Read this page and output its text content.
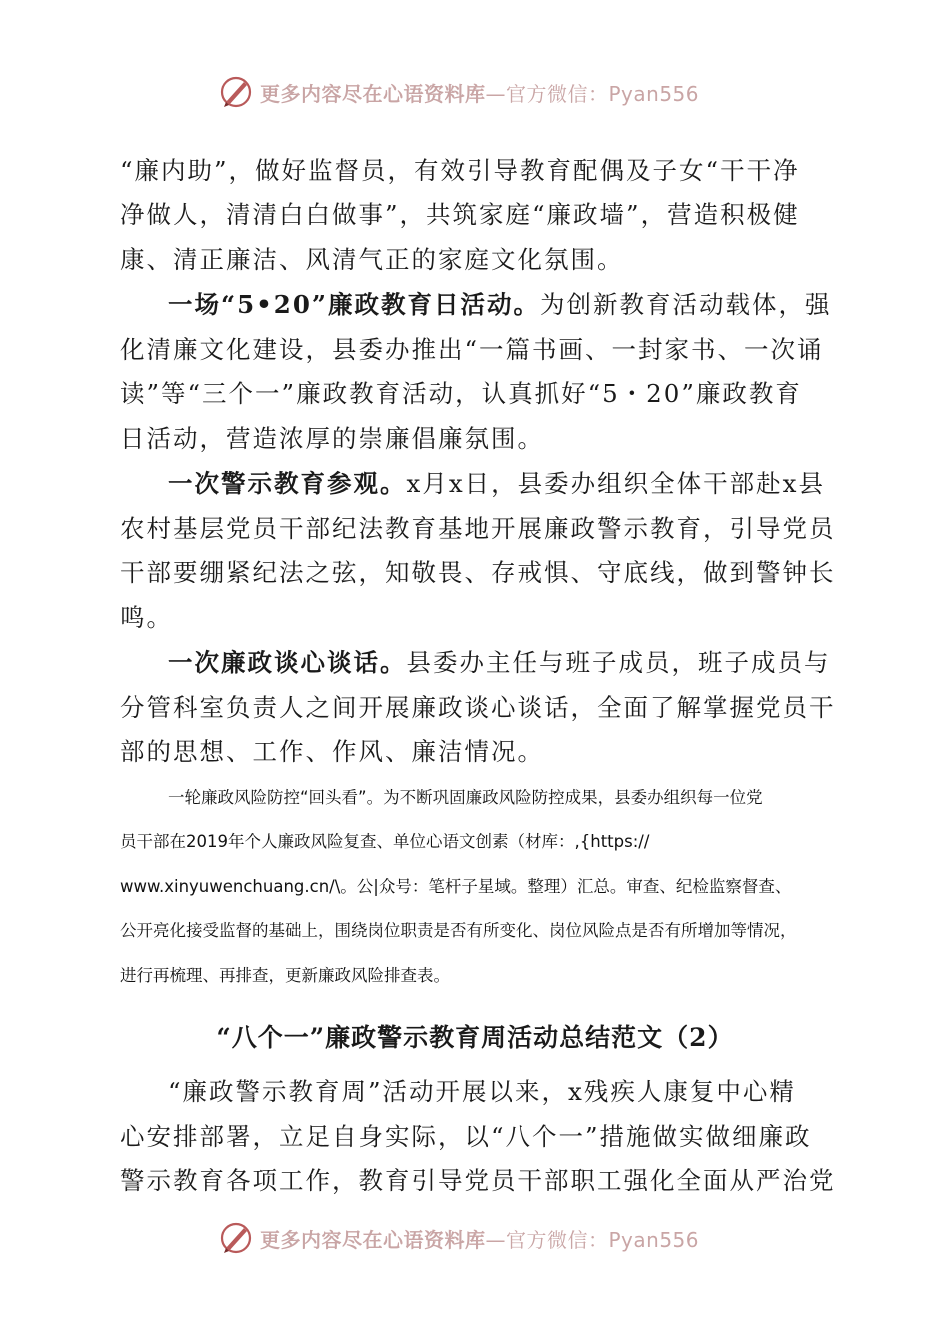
更多内容尽在心语资料库—官方微信：Pyan556
“廉内助”，做好监督员，有效引导教育配偶及子女“干干净
净做人，清清白白做事”，共筑家庭“廉政墙”，营造积极健
康、清正廉洁、风清气正的家庭文化氛围。
一场“5•20”廉政教育日活动。为创新教育活动载体，强
化清廉文化建设，县委办推出“一篇书画、一封家书、一次诵
读”等“三个一”廉政教育活动，认真抓好“5・20”廉政教育
日活动，营造浓厚的崇廉倡廉氛围。
一次警示教育参观。x月x日，县委办组织全体干部赴x县
农村基层党员干部纪法教育基地开展廉政警示教育，引导党员
干部要绷紧纪法之弦，知敬畏、存戒惧、守底线，做到警钟长
鸣。
一次廉政谈心谈话。县委办主任与班子成员，班子成员与
分管科室负责人之间开展廉政谈心谈话，全面了解掌握党员干
部的思想、工作、作风、廉洁情况。
一轮廉政风险防控“回头看”。为不断巩固廉政风险防控成果，县委办组织每一位党
员干部在2019年个人廉政风险复查、单位心语文创素（材库：,{https://
www.xinyuwenchuang.cn/\。公|众号：笔杆子星域。整理）汇总。审查、纪检监察督查、
公开亮化接受监督的基础上，围绕岗位职责是否有所变化、岗位风险点是否有所增加等情况，
进行再梳理、再排查，更新廉政风险排查表。
“八个一”廉政警示教育周活动总结范文（2）
“廉政警示教育周”活动开展以来，x残疾人康复中心精
心安排部署，立足自身实际，以“八个一”措施做实做细廉政
警示教育各项工作，教育引导党员干部职工强化全面从严治党
更多内容尽在心语资料库—官方微信：Pyan556
